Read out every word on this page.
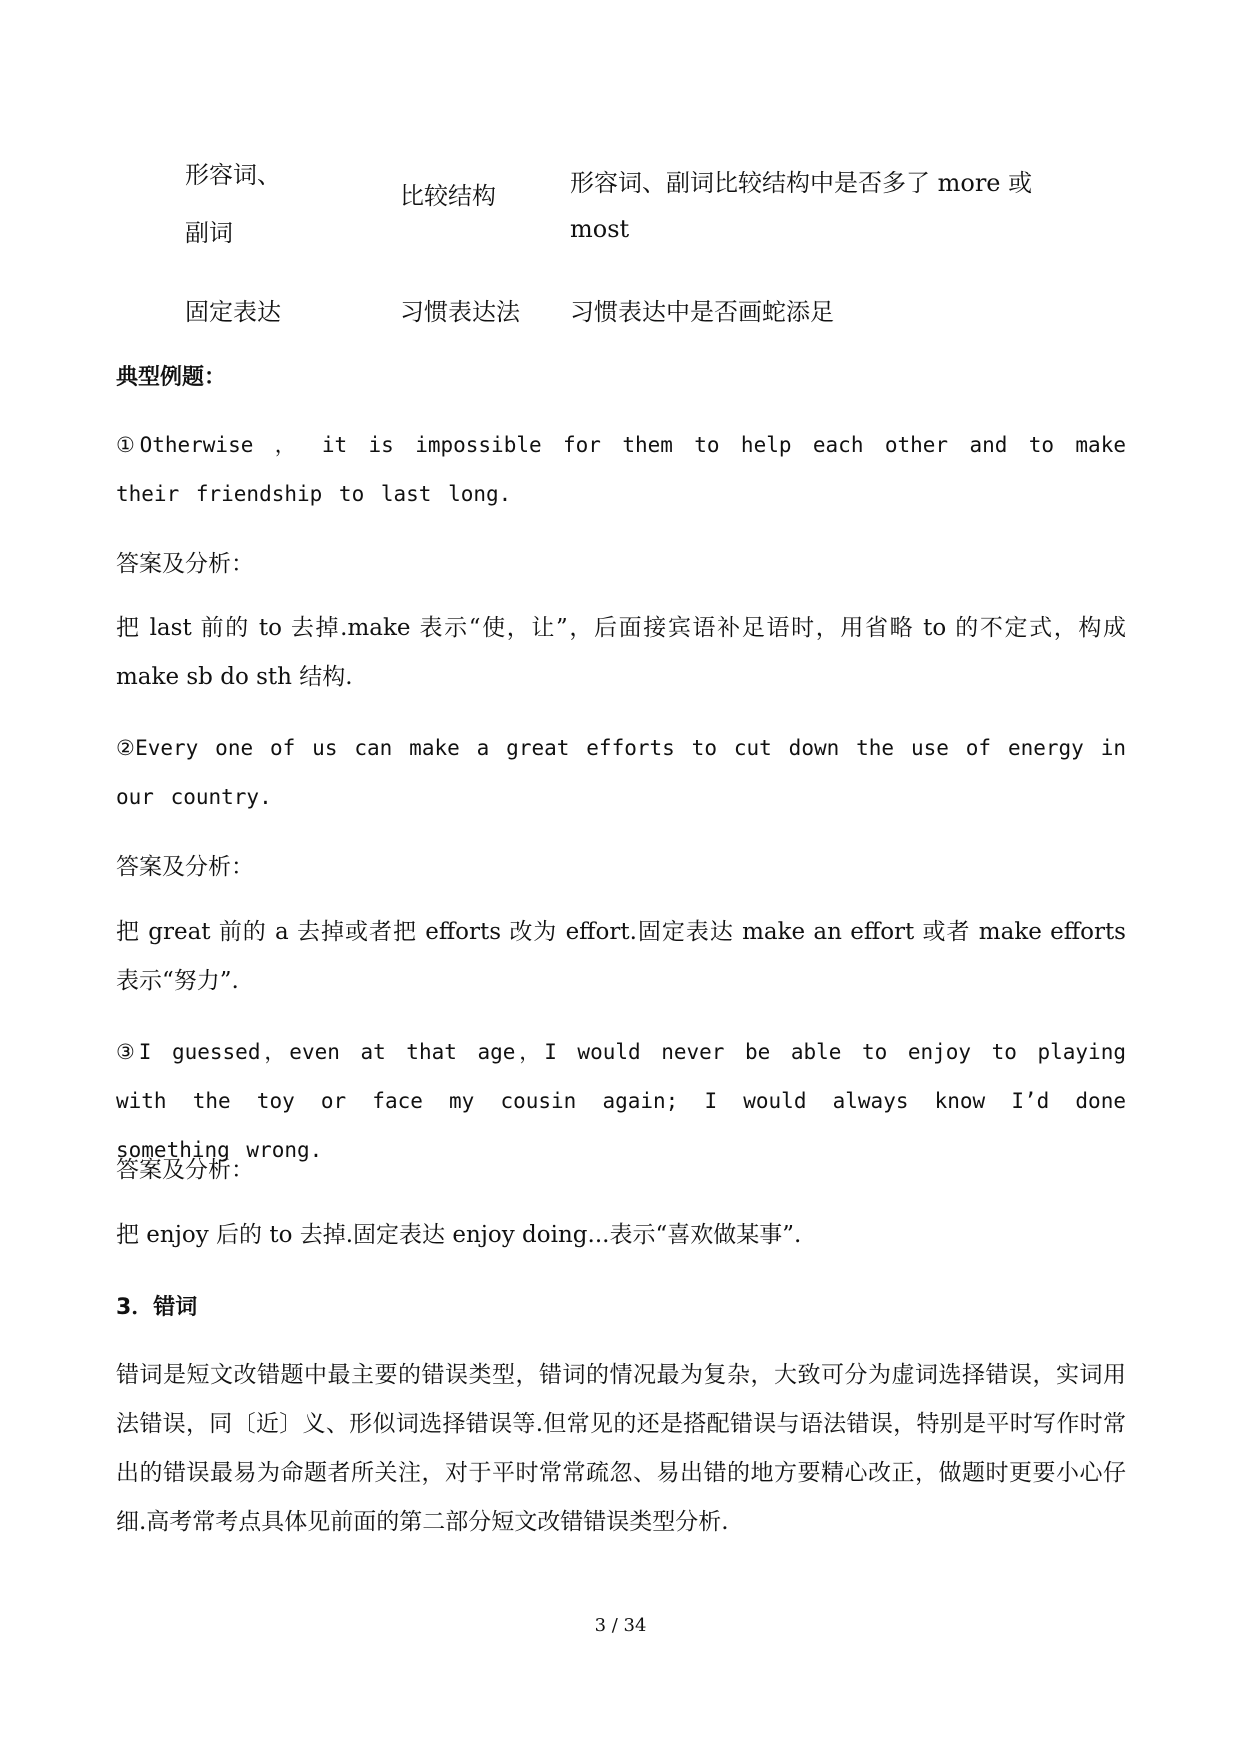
形容词、
副词
比较结构	形容词、副词比较结构中是否多了 more 或 most
固定表达	习惯表达法 习惯表达中是否画蛇添足
典型例题：
①Otherwise ， it is impossible for them to help each other and to make their friendship to last long.
答案及分析：
把 last 前的 to 去掉.make 表示“使，让”，后面接宾语补足语时，用省略 to 的不定式，构成 make sb do sth 结构.
②Every one of us can make a great efforts to cut down the use of energy in our country.
答案及分析：
把 great 前的 a 去掉或者把 efforts 改为 effort.固定表达 make an effort 或者 make efforts 表示“努力”.
③I guessed，even at that age，I would never be able to enjoy to playing with the toy or face my cousin again; I would always know I’d done something wrong.
答案及分析：
把 enjoy 后的 to 去掉.固定表达 enjoy doing...表示“喜欢做某事”.
3．错词
错词是短文改错题中最主要的错误类型，错词的情况最为复杂，大致可分为虚词选择错误，实词用法错误，同〔近〕义、形似词选择错误等.但常见的还是搭配错误与语法错误，特别是平时写作时常出的错误最易为命题者所关注，对于平时常常疏忽、易出错的地方要精心改正，做题时更要小心仔细.高考常考点具体见前面的第二部分短文改错错误类型分析.
3 / 34
